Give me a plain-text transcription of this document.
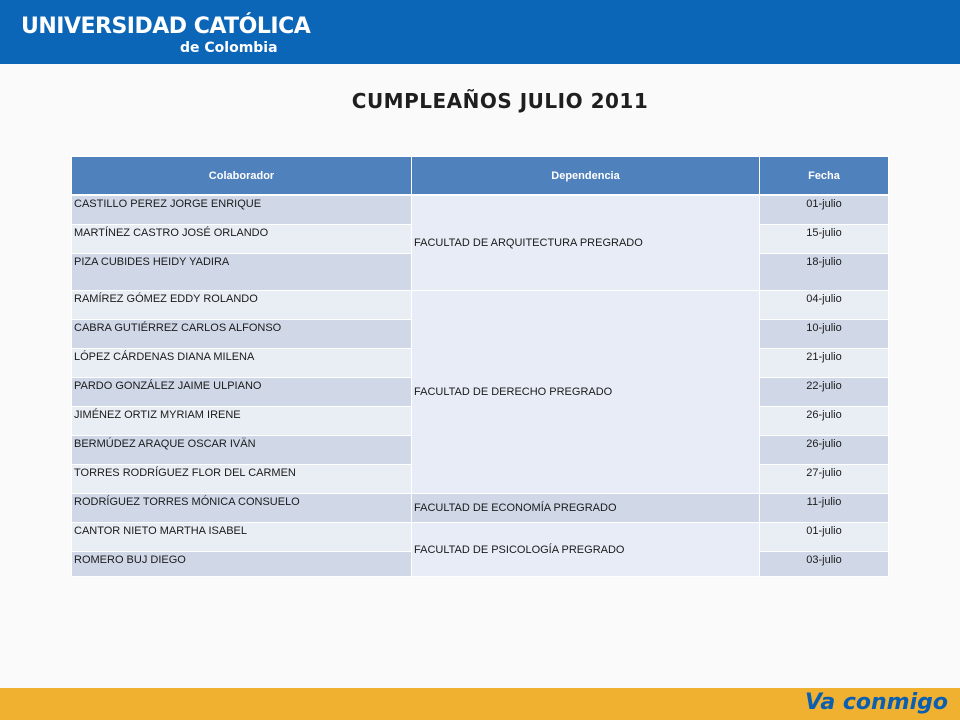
UNIVERSIDAD CATÓLICA
de Colombia
CUMPLEAÑOS JULIO 2011
Colaborador	Dependencia	Fecha
CASTILLO PEREZ JORGE ENRIQUE	FACULTAD DE ARQUITECTURA PREGRADO	01-julio
MARTÍNEZ CASTRO JOSÉ ORLANDO		15-julio
PIZA CUBIDES HEIDY YADIRA		18-julio
RAMÍREZ GÓMEZ EDDY ROLANDO	FACULTAD DE DERECHO PREGRADO	04-julio
CABRA GUTIÉRREZ CARLOS ALFONSO		10-julio
LÓPEZ CÁRDENAS DIANA MILENA		21-julio
PARDO GONZÁLEZ JAIME ULPIANO		22-julio
JIMÉNEZ ORTIZ MYRIAM IRENE		26-julio
BERMÚDEZ ARAQUE OSCAR IVÄN		26-julio
TORRES RODRÍGUEZ FLOR DEL CARMEN		27-julio
RODRÍGUEZ TORRES MÓNICA CONSUELO	FACULTAD DE ECONOMÍA PREGRADO	11-julio
CANTOR NIETO MARTHA ISABEL	FACULTAD DE PSICOLOGÍA PREGRADO	01-julio
ROMERO BUJ DIEGO		03-julio
Va conmigo
